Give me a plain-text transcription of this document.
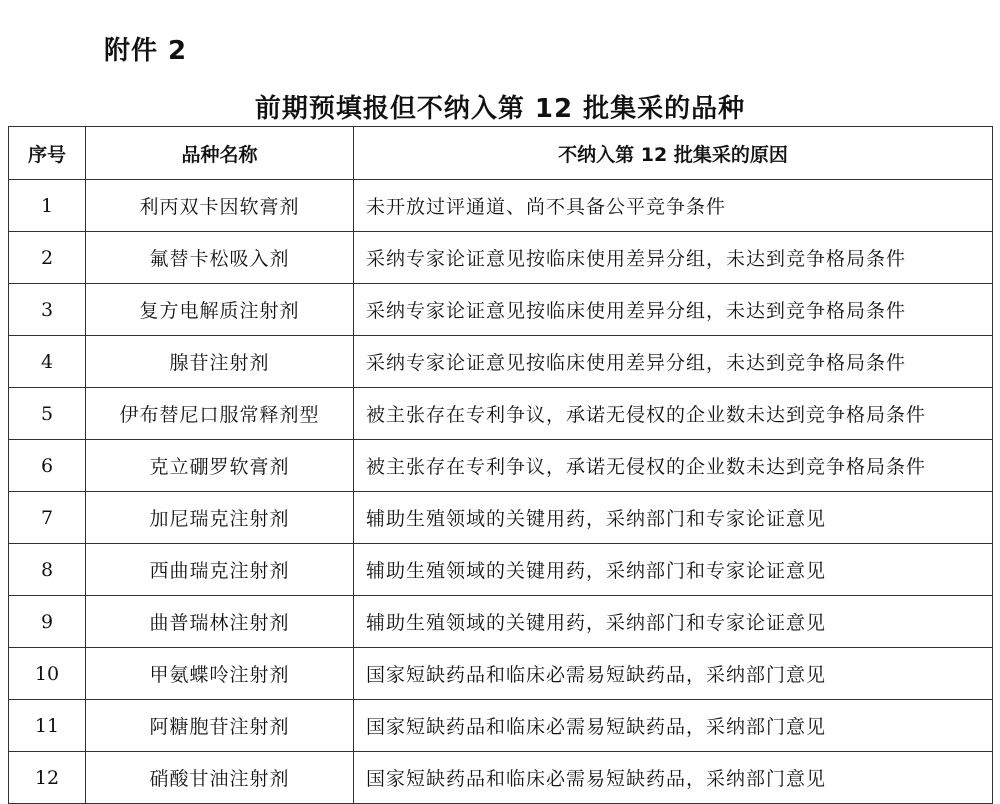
附件 2
前期预填报但不纳入第 12 批集采的品种
序号	品种名称	不纳入第 12 批集采的原因
1	利丙双卡因软膏剂	未开放过评通道、尚不具备公平竞争条件
2	氟替卡松吸入剂	采纳专家论证意见按临床使用差异分组，未达到竞争格局条件
3	复方电解质注射剂	采纳专家论证意见按临床使用差异分组，未达到竞争格局条件
4	腺苷注射剂	采纳专家论证意见按临床使用差异分组，未达到竞争格局条件
5	伊布替尼口服常释剂型	被主张存在专利争议，承诺无侵权的企业数未达到竞争格局条件
6	克立硼罗软膏剂	被主张存在专利争议，承诺无侵权的企业数未达到竞争格局条件
7	加尼瑞克注射剂	辅助生殖领域的关键用药，采纳部门和专家论证意见
8	西曲瑞克注射剂	辅助生殖领域的关键用药，采纳部门和专家论证意见
9	曲普瑞林注射剂	辅助生殖领域的关键用药，采纳部门和专家论证意见
10	甲氨蝶呤注射剂	国家短缺药品和临床必需易短缺药品，采纳部门意见
11	阿糖胞苷注射剂	国家短缺药品和临床必需易短缺药品，采纳部门意见
12	硝酸甘油注射剂	国家短缺药品和临床必需易短缺药品，采纳部门意见
